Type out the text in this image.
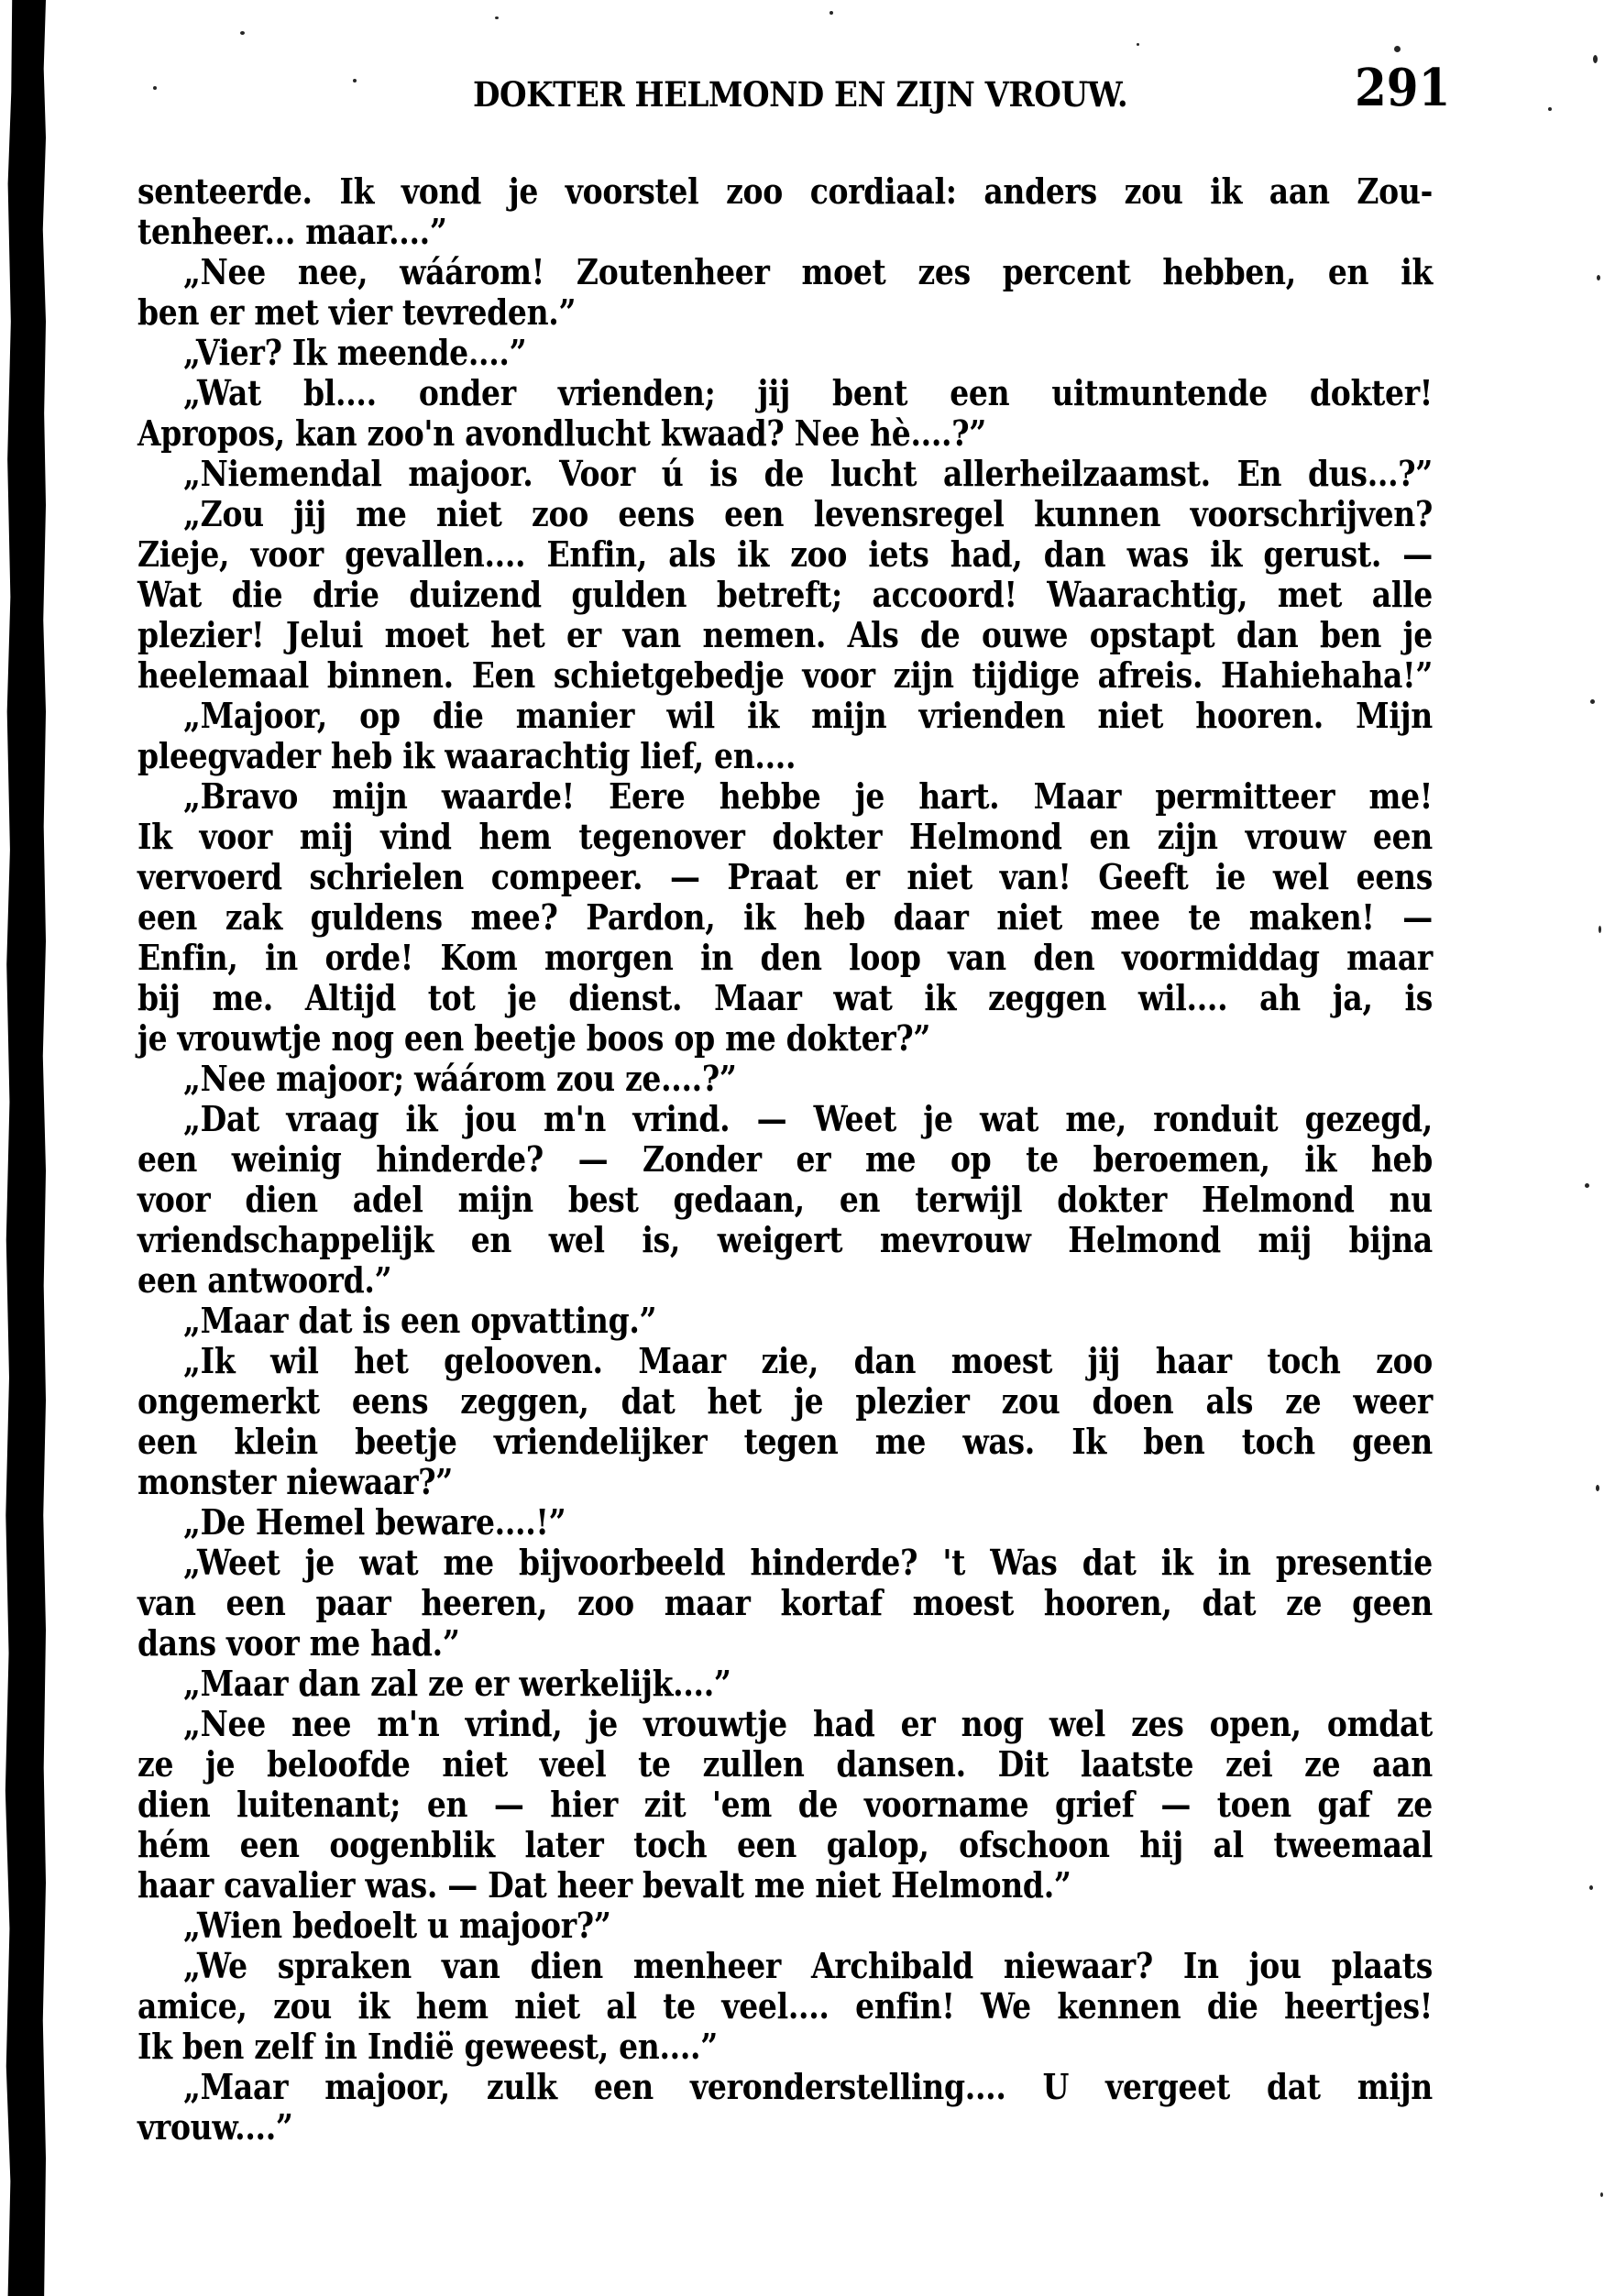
DOKTER HELMOND EN ZIJN VROUW.	291

senteerde. Ik vond je voorstel zoo cordiaal: anders zou ik aan Zou-
tenheer... maar....”

„Nee nee, wáárom! Zoutenheer moet zes percent hebben, en ik
ben er met vier tevreden.”

„Vier? Ik meende....”

„Wat bl.... onder vrienden; jij bent een uitmuntende dokter!
Apropos, kan zoo'n avondlucht kwaad? Nee hè....?”

„Niemendal majoor. Voor ú is de lucht allerheilzaamst. En dus...?”

„Zou jij me niet zoo eens een levensregel kunnen voorschrijven?
Zieje, voor gevallen.... Enfin, als ik zoo iets had, dan was ik gerust. —
Wat die drie duizend gulden betreft; accoord! Waarachtig, met alle
plezier! Jelui moet het er van nemen. Als de ouwe opstapt dan ben je
heelemaal binnen. Een schietgebedje voor zijn tijdige afreis. Hahiehaha!”

„Majoor, op die manier wil ik mijn vrienden niet hooren. Mijn
pleegvader heb ik waarachtig lief, en....

„Bravo mijn waarde! Eere hebbe je hart. Maar permitteer me!
Ik voor mij vind hem tegenover dokter Helmond en zijn vrouw een
vervoerd schrielen compeer. — Praat er niet van! Geeft ie wel eens
een zak guldens mee? Pardon, ik heb daar niet mee te maken! —
Enfin, in orde! Kom morgen in den loop van den voormiddag maar
bij me. Altijd tot je dienst. Maar wat ik zeggen wil.... ah ja, is
je vrouwtje nog een beetje boos op me dokter?”

„Nee majoor; wáárom zou ze....?”

„Dat vraag ik jou m'n vrind. — Weet je wat me, ronduit gezegd,
een weinig hinderde? — Zonder er me op te beroemen, ik heb
voor dien adel mijn best gedaan, en terwijl dokter Helmond nu
vriendschappelijk en wel is, weigert mevrouw Helmond mij bijna
een antwoord.”

„Maar dat is een opvatting.”

„Ik wil het gelooven. Maar zie, dan moest jij haar toch zoo
ongemerkt eens zeggen, dat het je plezier zou doen als ze weer
een klein beetje vriendelijker tegen me was. Ik ben toch geen
monster niewaar?”

„De Hemel beware....!”

„Weet je wat me bijvoorbeeld hinderde? 't Was dat ik in presentie
van een paar heeren, zoo maar kortaf moest hooren, dat ze geen
dans voor me had.”

„Maar dan zal ze er werkelijk....”

„Nee nee m'n vrind, je vrouwtje had er nog wel zes open, omdat
ze je beloofde niet veel te zullen dansen. Dit laatste zei ze aan
dien luitenant; en — hier zit 'em de voorname grief — toen gaf ze
hém een oogenblik later toch een galop, ofschoon hij al tweemaal
haar cavalier was. — Dat heer bevalt me niet Helmond.”

„Wien bedoelt u majoor?”

„We spraken van dien menheer Archibald niewaar? In jou plaats
amice, zou ik hem niet al te veel.... enfin! We kennen die heertjes!
Ik ben zelf in Indië geweest, en....”

„Maar majoor, zulk een veronderstelling.... U vergeet dat mijn
vrouw....”
